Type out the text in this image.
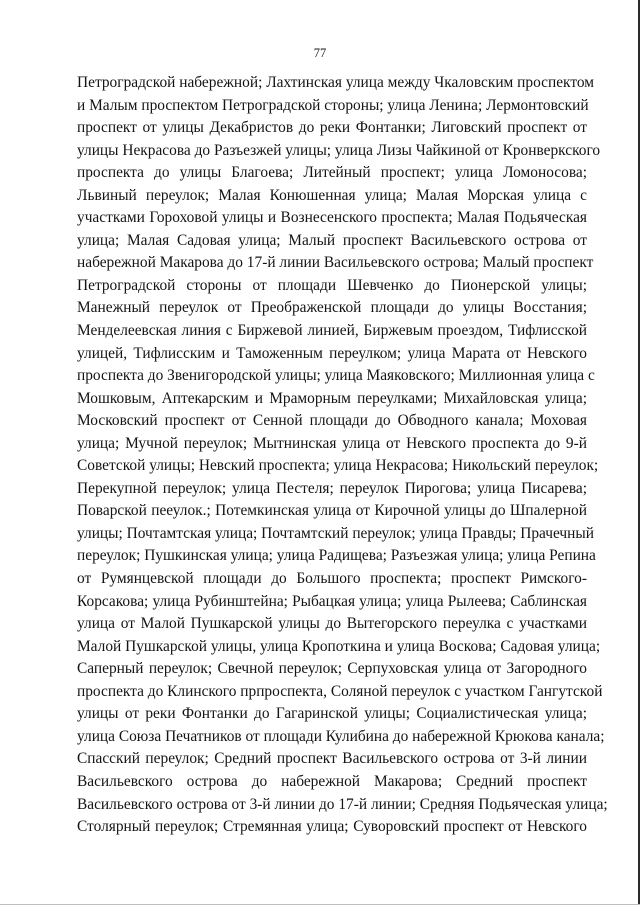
77
Петроградской набережной; Лахтинская улица между Чкаловским проспектом
и Малым проспектом Петроградской стороны; улица Ленина; Лермонтовский
проспект от улицы Декабристов до реки Фонтанки; Лиговский проспект от
улицы Некрасова до Разъезжей улицы; улица Лизы Чайкиной от Кронверкского
проспекта до улицы Благоева; Литейный проспект; улица Ломоносова;
Львиный переулок; Малая Конюшенная улица; Малая Морская улица с
участками Гороховой улицы и Вознесенского проспекта; Малая Подьяческая
улица; Малая Садовая улица; Малый проспект Васильевского острова от
набережной Макарова до 17-й линии Васильевского острова; Малый проспект
Петроградской стороны от площади Шевченко до Пионерской улицы;
Манежный переулок от Преображенской площади до улицы Восстания;
Менделеевская линия с Биржевой линией, Биржевым проездом, Тифлисской
улицей, Тифлисским и Таможенным переулком; улица Марата от Невского
проспекта до Звенигородской улицы; улица Маяковского; Миллионная улица с
Мошковым, Аптекарским и Мраморным переулками; Михайловская улица;
Московский проспект от Сенной площади до Обводного канала; Моховая
улица; Мучной переулок; Мытнинская улица от Невского проспекта до 9-й
Советской улицы; Невский проспекта; улица Некрасова; Никольский переулок;
Перекупной переулок; улица Пестеля; переулок Пирогова; улица Писарева;
Поварской пееулок.; Потемкинская улица от Кирочной улицы до Шпалерной
улицы; Почтамтская улица; Почтамтский переулок; улица Правды; Прачечный
переулок; Пушкинская улица; улица Радищева; Разъезжая улица; улица Репина
от Румянцевской площади до Большого проспекта; проспект Римского-
Корсакова; улица Рубинштейна; Рыбацкая улица; улица Рылеева; Саблинская
улица от Малой Пушкарской улицы до Вытегорского переулка с участками
Малой Пушкарской улицы, улица Кропоткина и улица Восковa; Садовая улица;
Саперный переулок; Свечной переулок; Серпуховская улица от Загородного
проспекта до Клинского прпроспекта, Соляной переулок с участком Гангутской
улицы от реки Фонтанки до Гагаринской улицы; Социалистическая улица;
улица Союза Печатников от площади Кулибина до набережной Крюкова канала;
Спасский переулок; Средний проспект Васильевского острова от 3-й линии
Васильевского острова до набережной Макарова; Средний проспект
Васильевского острова от 3-й линии до 17-й линии; Средняя Подьяческая улица;
Столярный переулок; Стремянная улица; Суворовский проспект от Невского
